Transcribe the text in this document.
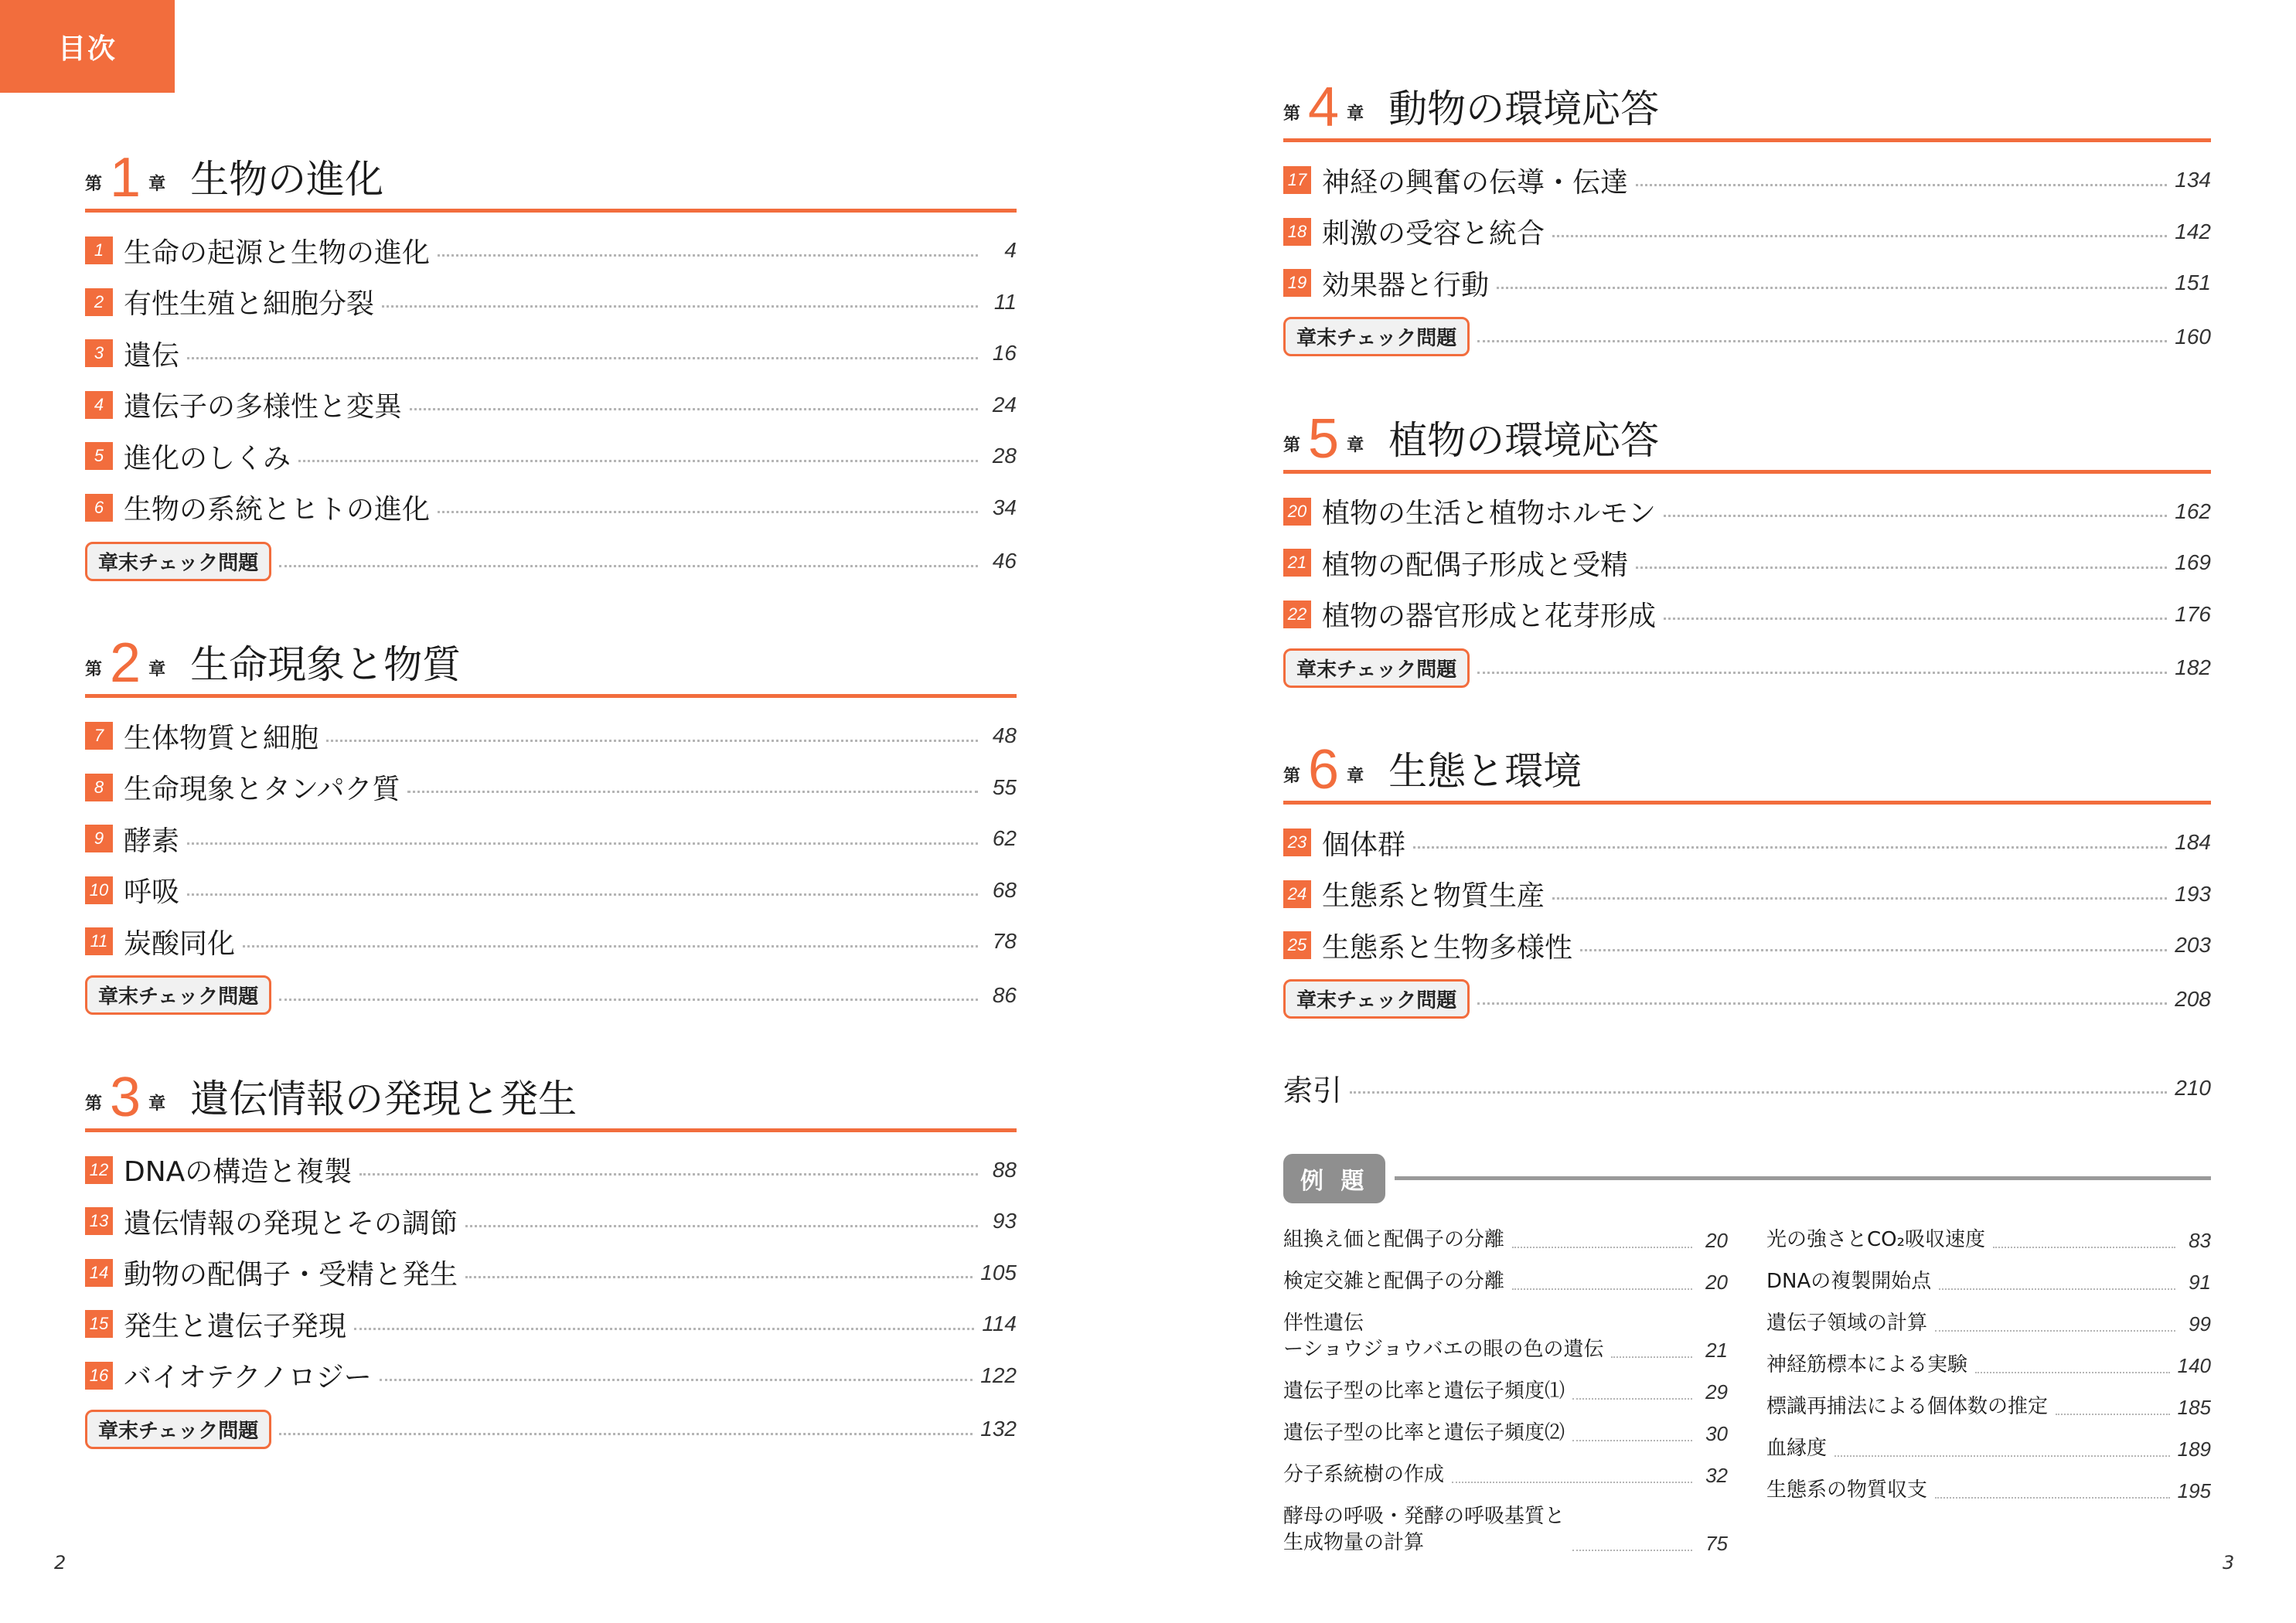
目次
第 1 章 生物の進化
1 生命の起源と生物の進化	4
2 有性生殖と細胞分裂	11
3 遺伝	16
4 遺伝子の多様性と変異	24
5 進化のしくみ	28
6 生物の系統とヒトの進化	34
章末チェック問題	46
第 2 章 生命現象と物質
7 生体物質と細胞	48
8 生命現象とタンパク質	55
9 酵素	62
10 呼吸	68
11 炭酸同化	78
章末チェック問題	86
第 3 章 遺伝情報の発現と発生
12 DNAの構造と複製	88
13 遺伝情報の発現とその調節	93
14 動物の配偶子・受精と発生	105
15 発生と遺伝子発現	114
16 バイオテクノロジー	122
章末チェック問題	132
2
第 4 章 動物の環境応答
17 神経の興奮の伝導・伝達	134
18 刺激の受容と統合	142
19 効果器と行動	151
章末チェック問題	160
第 5 章 植物の環境応答
20 植物の生活と植物ホルモン	162
21 植物の配偶子形成と受精	169
22 植物の器官形成と花芽形成	176
章末チェック問題	182
第 6 章 生態と環境
23 個体群	184
24 生態系と物質生産	193
25 生態系と生物多様性	203
章末チェック問題	208
索引	210
例 題
組換え価と配偶子の分離	20
検定交雑と配偶子の分離	20
伴性遺伝
ーショウジョウバエの眼の色の遺伝	21
遺伝子型の比率と遺伝子頻度⑴	29
遺伝子型の比率と遺伝子頻度⑵	30
分子系統樹の作成	32
酵母の呼吸・発酵の呼吸基質と
生成物量の計算	75
光の強さとCO₂吸収速度	83
DNAの複製開始点	91
遺伝子領域の計算	99
神経筋標本による実験	140
標識再捕法による個体数の推定	185
血縁度	189
生態系の物質収支	195
3
